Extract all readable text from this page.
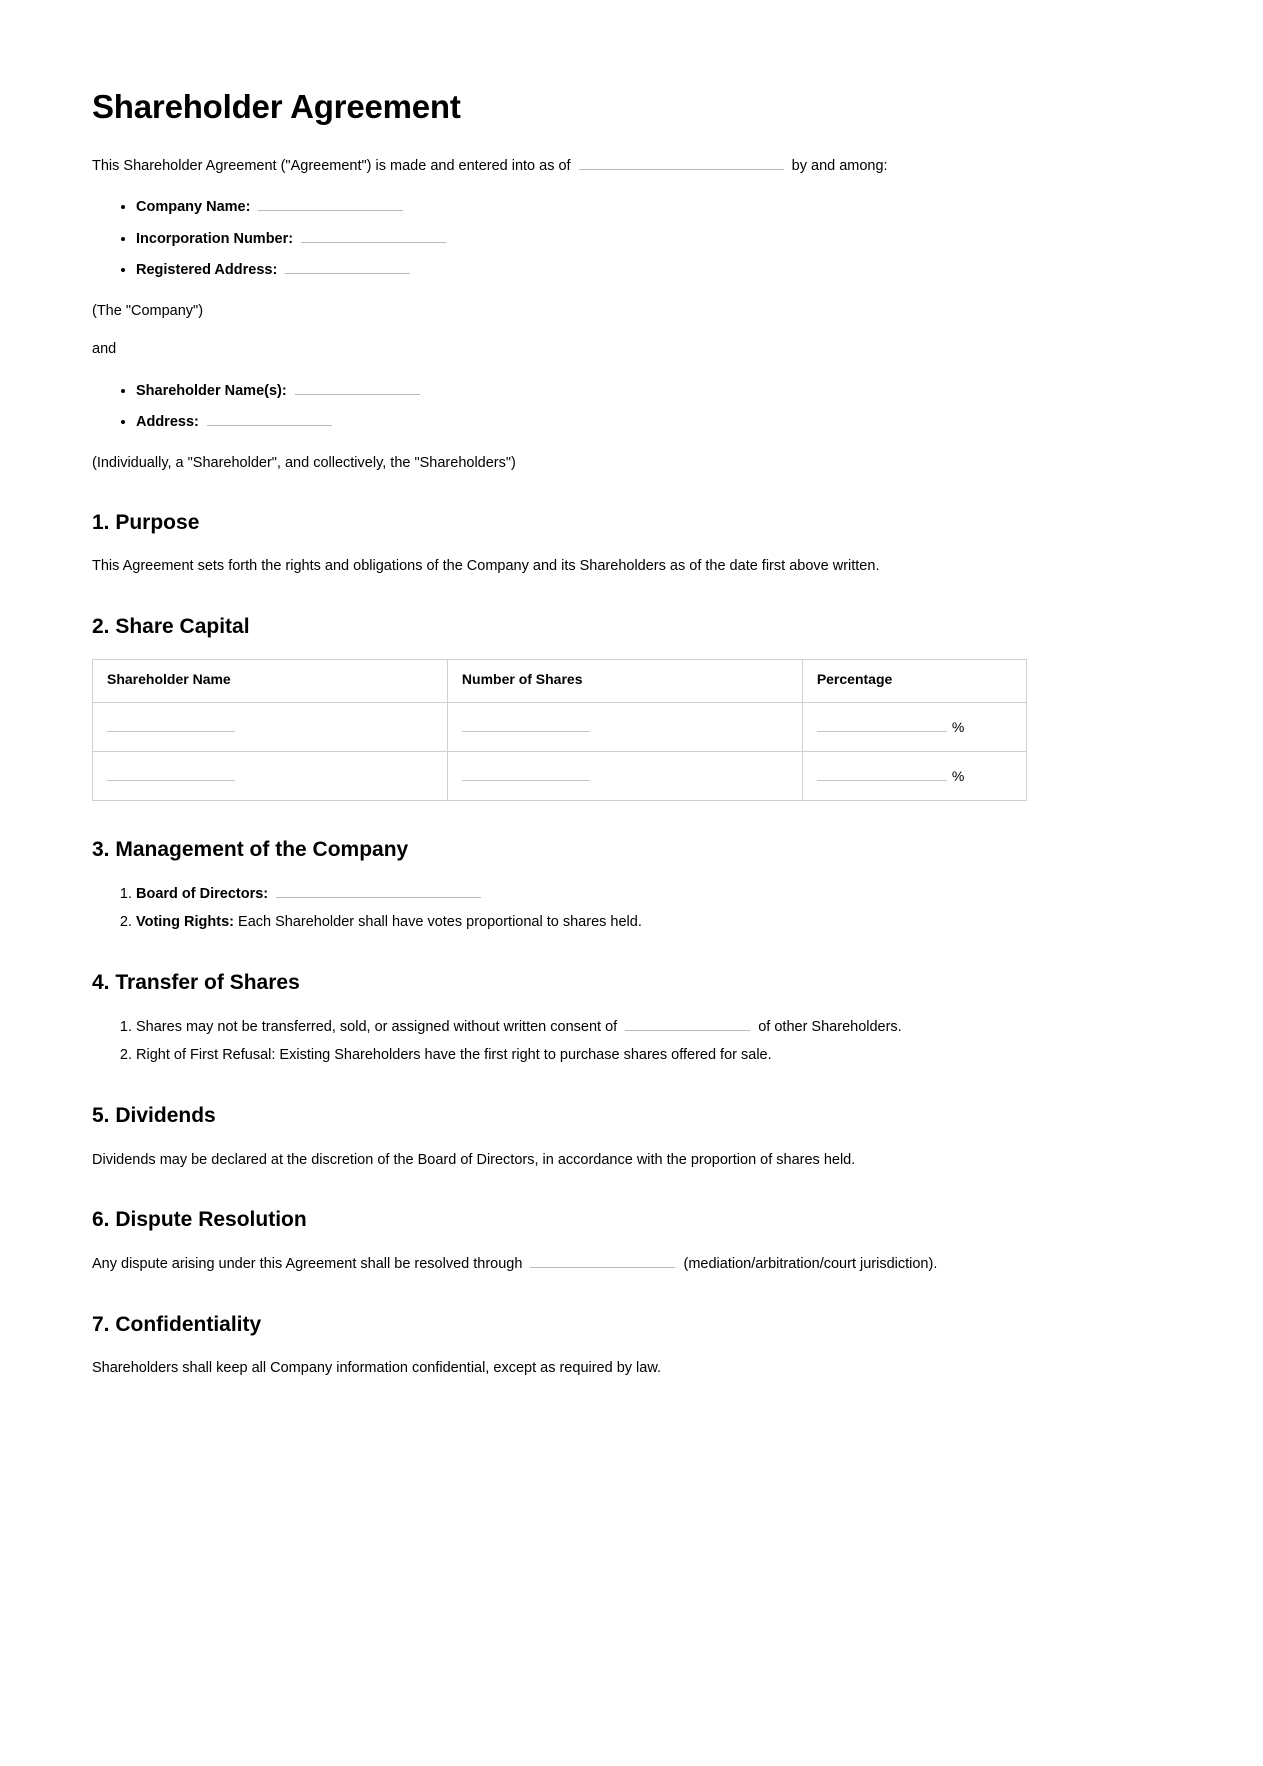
Shareholder Agreement

This Shareholder Agreement ("Agreement") is made and entered into as of	by and among:

• Company Name:
• Incorporation Number:
• Registered Address:

(The "Company")

and

• Shareholder Name(s):
• Address:

(Individually, a "Shareholder", and collectively, the "Shareholders")

1. Purpose

This Agreement sets forth the rights and obligations of the Company and its Shareholders as of the date first above written.

2. Share Capital
Shareholder Name	Number of Shares	Percentage
		%
		%
3. Management of the Company
1. Board of Directors:
2. Voting Rights: Each Shareholder shall have votes proportional to shares held.
4. Transfer of Shares
1. Shares may not be transferred, sold, or assigned without written consent of	of other Shareholders.
2. Right of First Refusal: Existing Shareholders have the first right to purchase shares offered for sale.
5. Dividends

Dividends may be declared at the discretion of the Board of Directors, in accordance with the proportion of shares held.

6. Dispute Resolution

Any dispute arising under this Agreement shall be resolved through	(mediation/arbitration/court jurisdiction).

7. Confidentiality

Shareholders shall keep all Company information confidential, except as required by law.
